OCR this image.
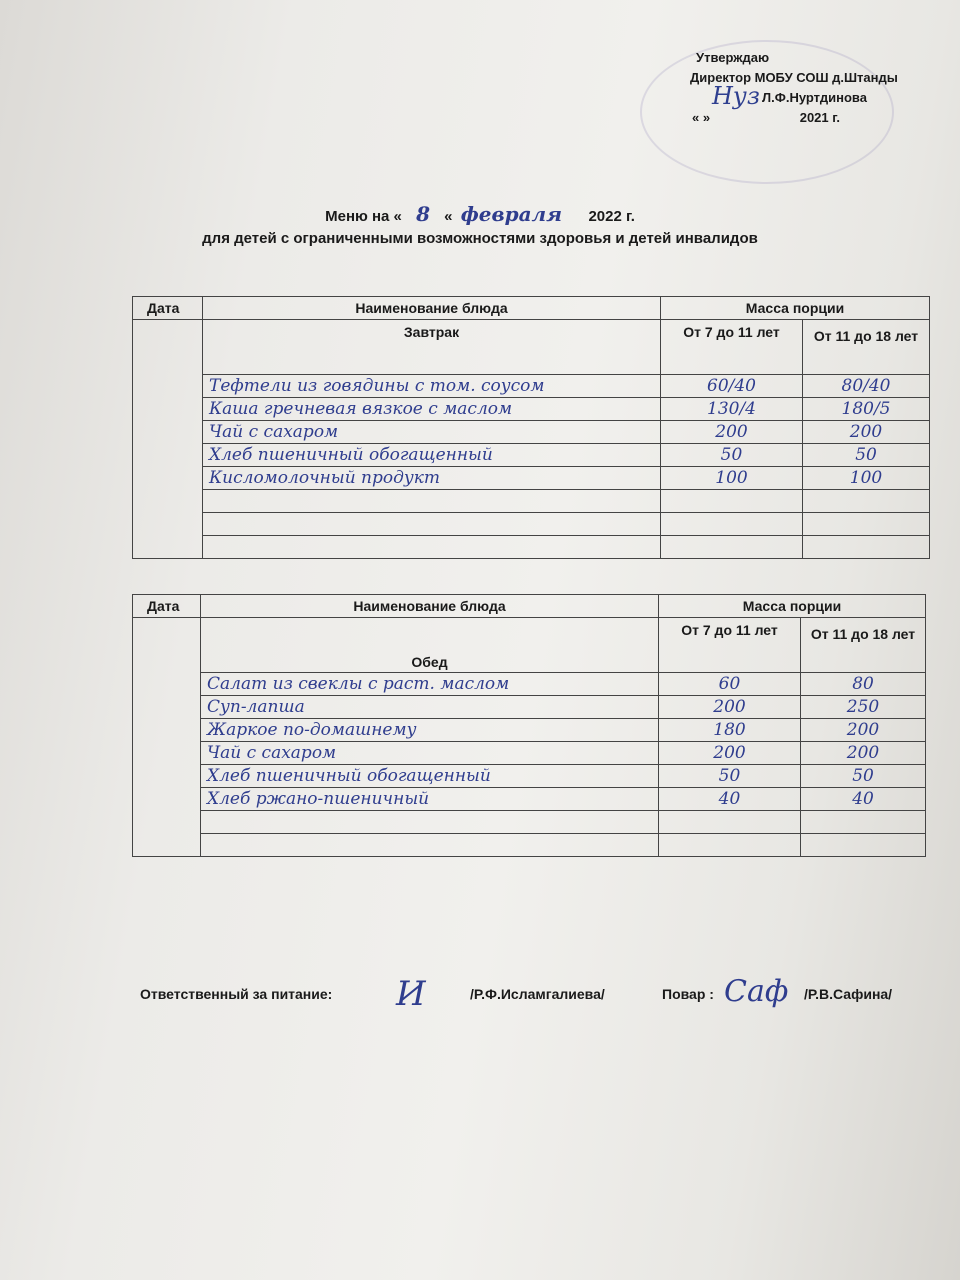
Утверждаю
Директор МОБУ СОШ д.Штанды
Л.Ф.Нуртдинова
« »	2021 г.
Нуз
Меню на « 8 « февраля 2022 г.
для детей с ограниченными возможностями здоровья и детей инвалидов
Дата	Наименование блюда	Масса порции	
	Завтрак	От 7 до 11 лет	От 11 до 18 лет
	Тефтели из говядины с том. соусом	60/40	80/40
	Каша гречневая вязкое с маслом	130/4	180/5
	Чай с сахаром	200	200
	Хлеб пшеничный обогащенный	50	50
	Кисломолочный продукт	100	100

Дата	Наименование блюда	Масса порции	
	Обед	От 7 до 11 лет	От 11 до 18 лет
	Салат из свеклы с раст. маслом	60	80
	Суп-лапша	200	250
	Жаркое по-домашнему	180	200
	Чай с сахаром	200	200
	Хлеб пшеничный обогащенный	50	50
	Хлеб ржано-пшеничный	40	40

Ответственный за питание: И	/Р.Ф.Исламгалиева/	Повар : Саф /Р.В.Сафина/
